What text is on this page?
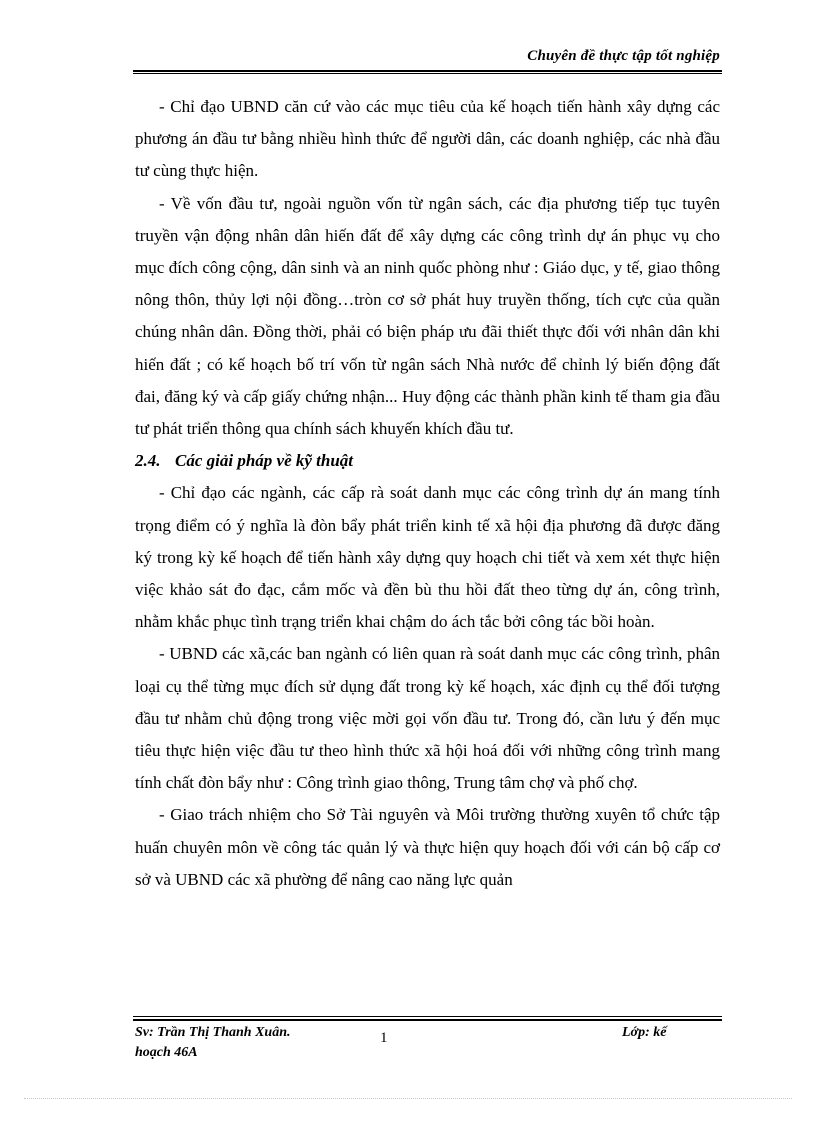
Chuyên đề thực tập tốt nghiệp

- Chỉ đạo UBND căn cứ vào các mục tiêu của kế hoạch tiến hành xây dựng các phương án đầu tư bằng nhiều hình thức để người dân, các doanh nghiệp, các nhà đầu tư cùng thực hiện.

- Về vốn đầu tư, ngoài nguồn vốn từ ngân sách, các địa phương tiếp tục tuyên truyền vận động nhân dân hiến đất để xây dựng các công trình dự án phục vụ cho mục đích công cộng, dân sinh và an ninh quốc phòng như : Giáo dục, y tế, giao thông nông thôn, thủy lợi nội đồng…tròn cơ sở phát huy truyền thống, tích cực của quần chúng nhân dân. Đồng thời, phải có biện pháp ưu đãi thiết thực đối với nhân dân khi hiến đất ; có kế hoạch bố trí vốn từ ngân sách Nhà nước để chỉnh lý biến động đất đai, đăng ký và cấp giấy chứng nhận... Huy động các thành phần kinh tế tham gia đầu tư phát triển thông qua chính sách khuyến khích đầu tư.

2.4. Các giải pháp về kỹ thuật

- Chỉ đạo các ngành, các cấp rà soát danh mục các công trình dự án mang tính trọng điểm có ý nghĩa là đòn bẩy phát triển kinh tế xã hội địa phương đã được đăng ký trong kỳ kế hoạch để tiến hành xây dựng quy hoạch chi tiết và xem xét thực hiện việc khảo sát đo đạc, cắm mốc và đền bù thu hồi đất theo từng dự án, công trình, nhằm khắc phục tình trạng triển khai chậm do ách tắc bởi công tác bồi hoàn.

- UBND các xã,các ban ngành có liên quan rà soát danh mục các công trình, phân loại cụ thể từng mục đích sử dụng đất trong kỳ kế hoạch, xác định cụ thể đối tượng đầu tư nhằm chủ động trong việc mời gọi vốn đầu tư. Trong đó, cần lưu ý đến mục tiêu thực hiện việc đầu tư theo hình thức xã hội hoá đối với những công trình mang tính chất đòn bẩy như : Công trình giao thông, Trung tâm chợ và phố chợ.

- Giao trách nhiệm cho Sở Tài nguyên và Môi trường thường xuyên tổ chức tập huấn chuyên môn về công tác quản lý và thực hiện quy hoạch đối với cán bộ cấp cơ sở và UBND các xã phường để nâng cao năng lực quản

Sv: Trần Thị Thanh Xuân.
hoạch 46A
1	Lớp: kế
